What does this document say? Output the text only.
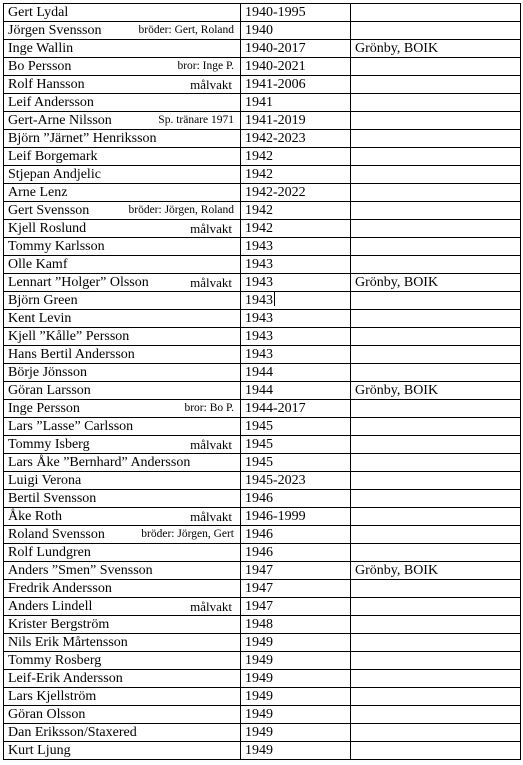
Gert Lydal	1940-1995	
Jörgen Svensson bröder: Gert, Roland	1940	
Inge Wallin	1940-2017	Grönby, BOIK
Bo Persson bror: Inge P.	1940-2021	
Rolf Hansson målvakt	1941-2006	
Leif Andersson	1941	
Gert-Arne Nilsson Sp. tränare 1971	1941-2019	
Björn ”Järnet” Henriksson	1942-2023	
Leif Borgemark	1942	
Stjepan Andjelic	1942	
Arne Lenz	1942-2022	
Gert Svensson bröder: Jörgen, Roland	1942	
Kjell Roslund målvakt	1942	
Tommy Karlsson	1943	
Olle Kamf	1943	
Lennart ”Holger” Olsson målvakt	1943	Grönby, BOIK
Björn Green	1943	
Kent Levin	1943	
Kjell ”Kålle” Persson	1943	
Hans Bertil Andersson	1943	
Börje Jönsson	1944	
Göran Larsson	1944	Grönby, BOIK
Inge Persson bror: Bo P.	1944-2017	
Lars ”Lasse” Carlsson	1945	
Tommy Isberg målvakt	1945	
Lars Åke ”Bernhard” Andersson	1945	
Luigi Verona	1945-2023	
Bertil Svensson	1946	
Åke Roth målvakt	1946-1999	
Roland Svensson bröder: Jörgen, Gert	1946	
Rolf Lundgren	1946	
Anders ”Smen” Svensson	1947	Grönby, BOIK
Fredrik Andersson	1947	
Anders Lindell målvakt	1947	
Krister Bergström	1948	
Nils Erik Mårtensson	1949	
Tommy Rosberg	1949	
Leif-Erik Andersson	1949	
Lars Kjellström	1949	
Göran Olsson	1949	
Dan Eriksson/Staxered	1949	
Kurt Ljung	1949	
